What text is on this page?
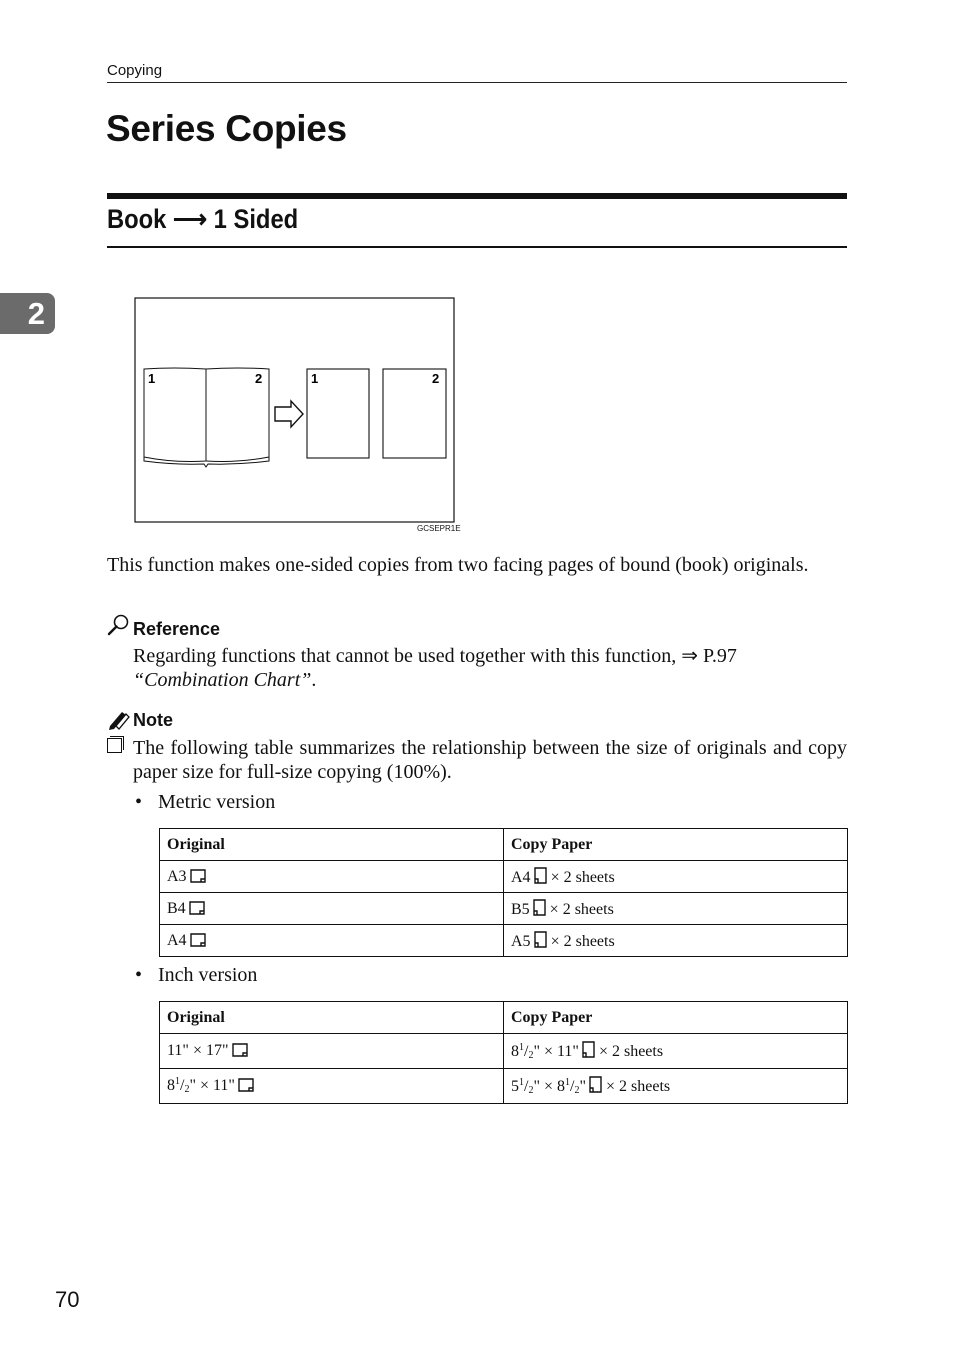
Copying
Series Copies
Book ⟶ 1 Sided
2
1	2	1	2
GCSEPR1E
This function makes one-sided copies from two facing pages of bound (book) originals.
Reference
Regarding functions that cannot be used together with this function, ⇒ P.97 “Combination Chart”.
Note
The following table summarizes the relationship between the size of originals and copy paper size for full-size copying (100%).
• Metric version
Original	Copy Paper
A3	A4 × 2 sheets
B4	B5 × 2 sheets
A4	A5 × 2 sheets
• Inch version
Original	Copy Paper
11" × 17"	$8^1/_2$" × 11" × 2 sheets
$8^1/_2$" × 11"	$5^1/_2$" × $8^1/_2$" × 2 sheets
70
